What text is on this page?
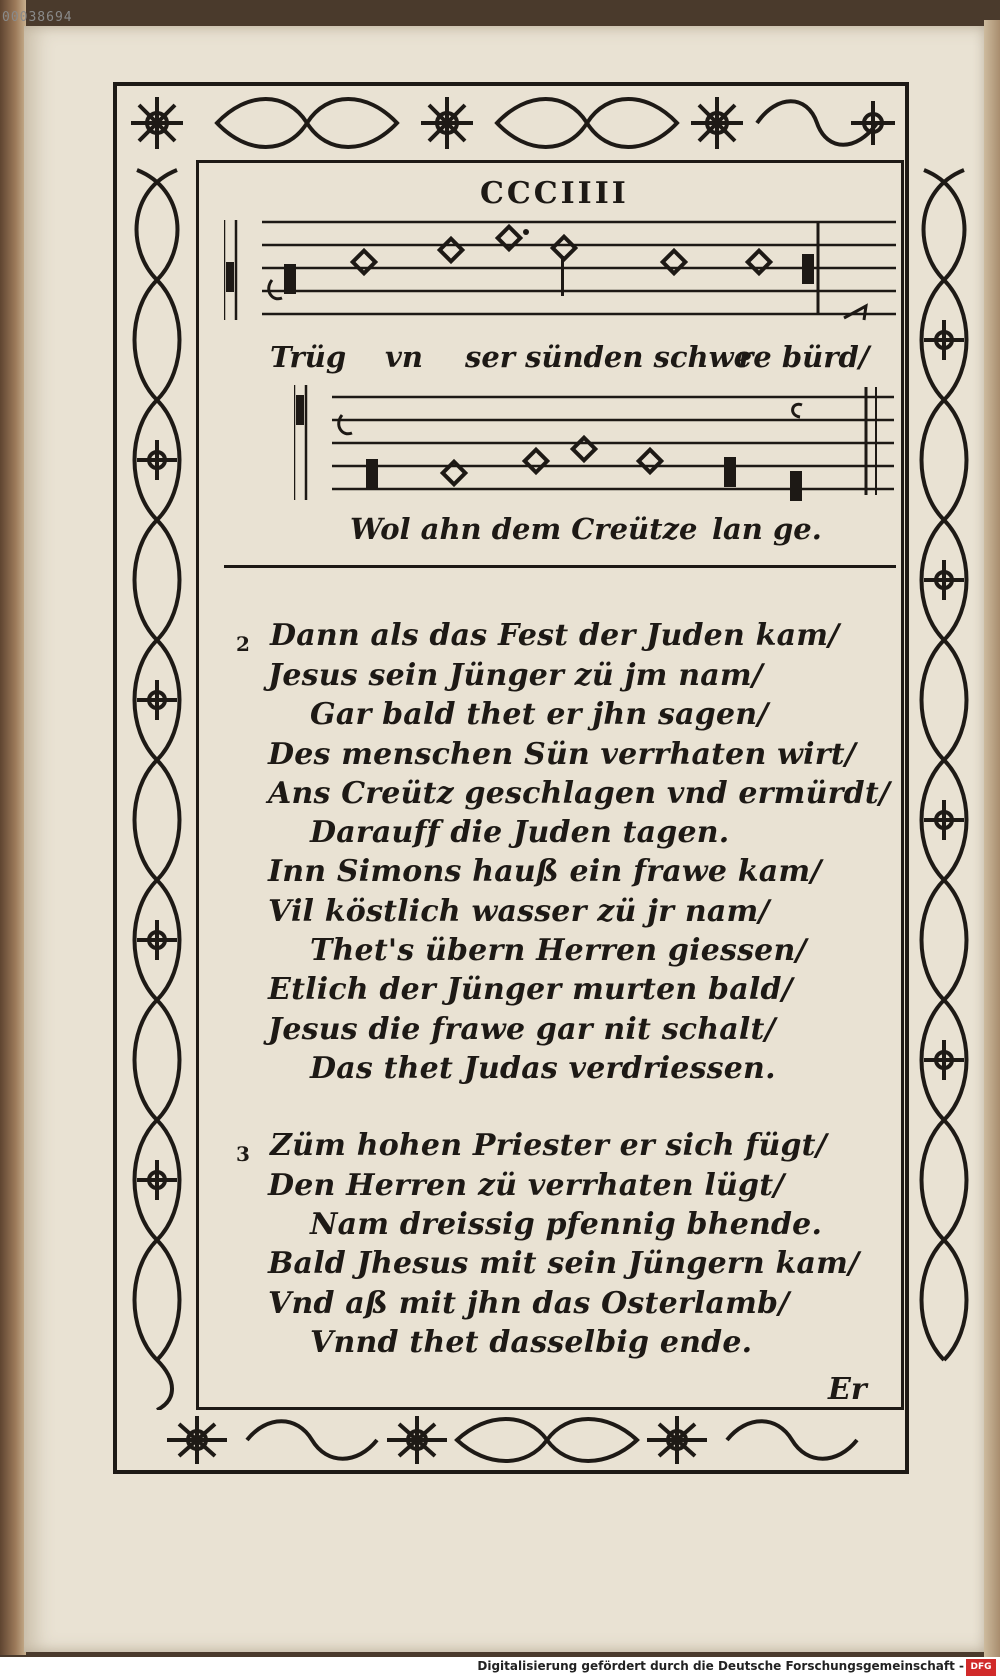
00038694
CCCIIII
Trüg vn ser sünden schwe
re bürd/
Wol ahn dem Creütze lan ge.
2 Dann als das Fest der Juden kam/
Jesus sein Jünger zü jm nam/
Gar bald thet er jhn sagen/
Des menschen Sün verrhaten wirt/
Ans Creütz geschlagen vnd ermürdt/
Darauff die Juden tagen.
Inn Simons hauß ein frawe kam/
Vil köstlich wasser zü jr nam/
Thet's übern Herren giessen/
Etlich der Jünger murten bald/
Jesus die frawe gar nit schalt/
Das thet Judas verdriessen.
3 Züm hohen Priester er sich fügt/
Den Herren zü verrhaten lügt/
Nam dreissig pfennig bhende.
Bald Jhesus mit sein Jüngern kam/
Vnd aß mit jhn das Osterlamb/
Vnnd thet dasselbig ende.
Er
Digitalisierung gefördert durch die Deutsche Forschungsgemeinschaft - DFG
